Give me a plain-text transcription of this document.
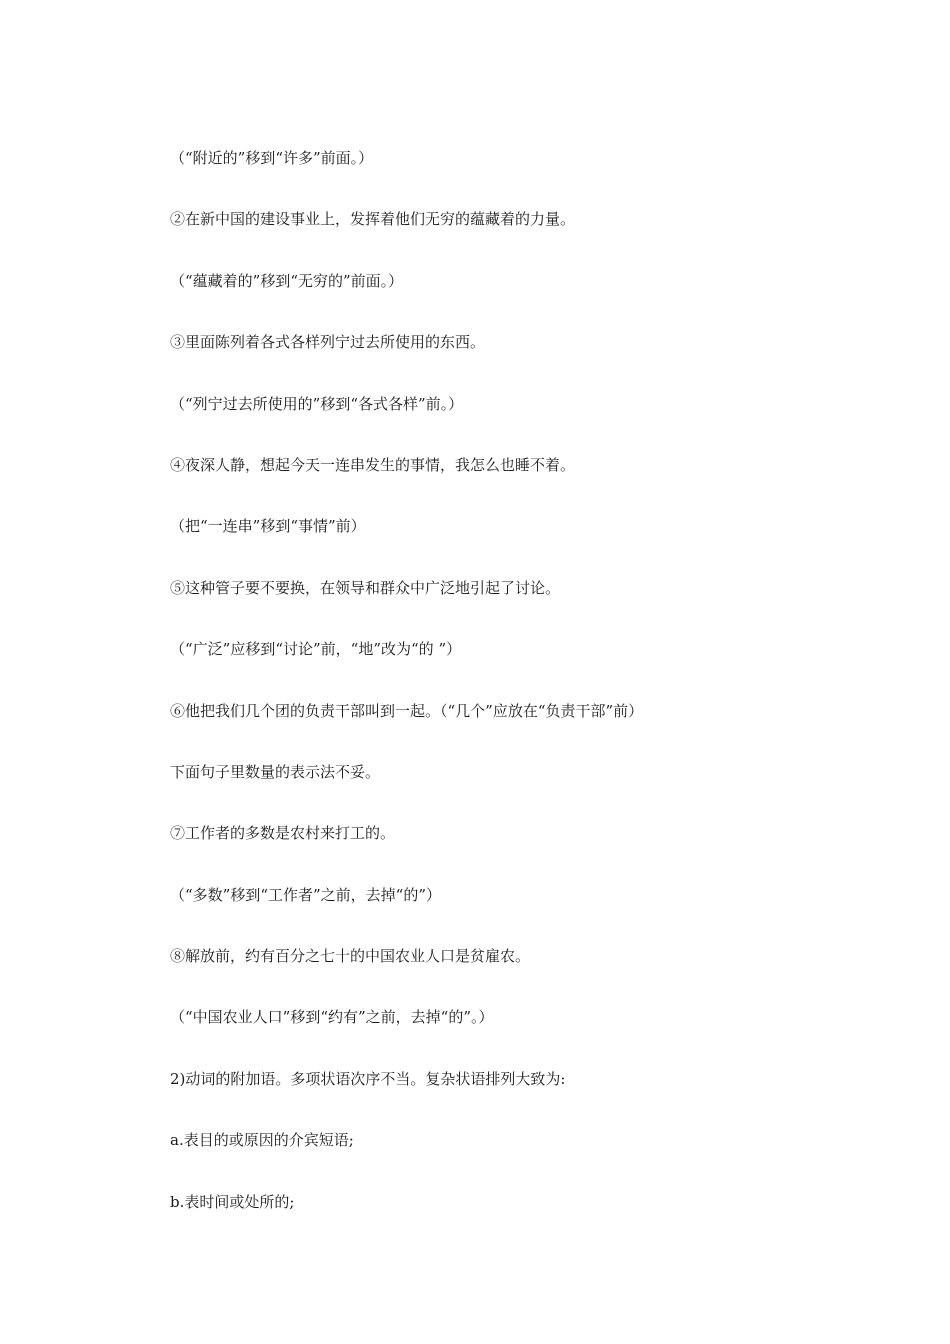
（“附近的”移到“许多”前面。）

②在新中国的建设事业上，发挥着他们无穷的蕴藏着的力量。

（“蕴藏着的”移到“无穷的”前面。）

③里面陈列着各式各样列宁过去所使用的东西。

（“列宁过去所使用的”移到“各式各样”前。）

④夜深人静，想起今天一连串发生的事情，我怎么也睡不着。

（把“一连串”移到“事情”前）

⑤这种管子要不要换，在领导和群众中广泛地引起了讨论。

（“广泛”应移到“讨论”前，“地”改为“的 ”）

⑥他把我们几个团的负责干部叫到一起。（“几个”应放在“负责干部”前）

下面句子里数量的表示法不妥。

⑦工作者的多数是农村来打工的。

（“多数”移到“工作者”之前，去掉“的”）

⑧解放前，约有百分之七十的中国农业人口是贫雇农。

（“中国农业人口”移到“约有”之前，去掉“的”。）

2)动词的附加语。多项状语次序不当。复杂状语排列大致为:

a.表目的或原因的介宾短语;

b.表时间或处所的;
